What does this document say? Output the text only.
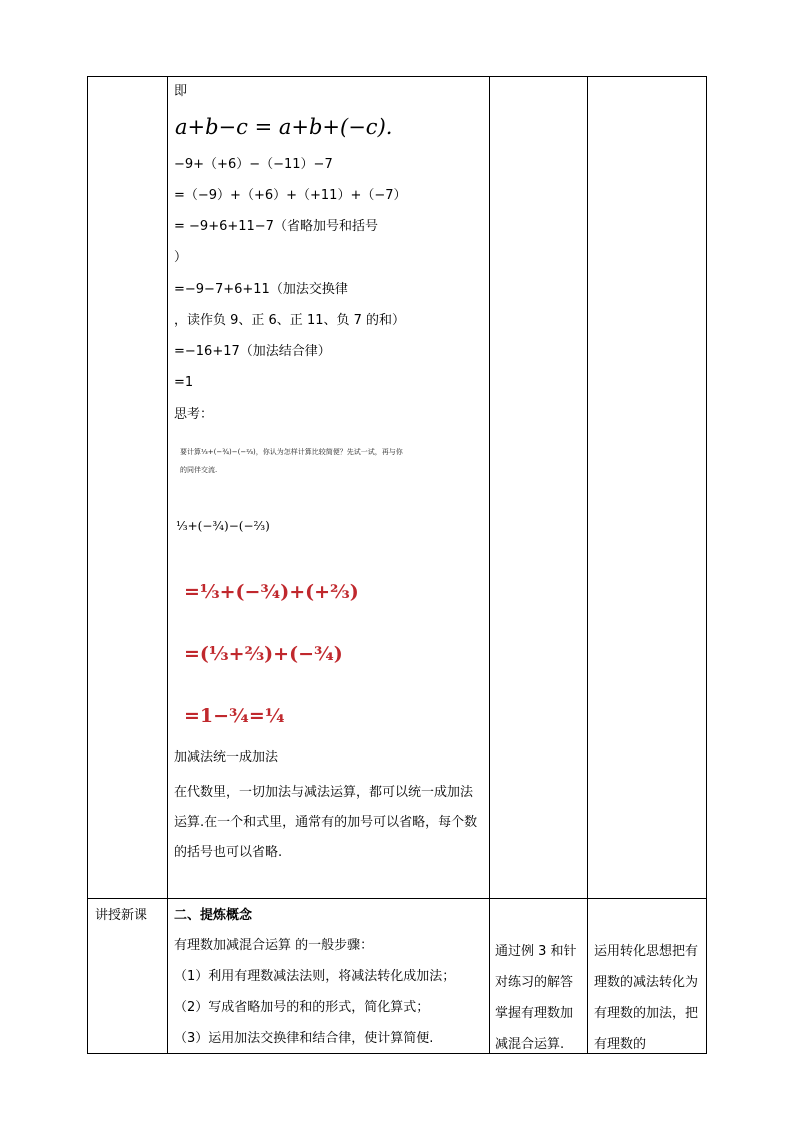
即
a+b−c = a+b+(−c).
−9+（+6）−（−11）−7
=（−9）+（+6）+（+11）+（−7）
= −9+6+11−7（省略加号和括号
）
=−9−7+6+11（加法交换律
，读作负 9、正 6、正 11、负 7 的和）
=−16+17（加法结合律）
=1
思考：
要计算⅓+(−¾)−(−⅔)，你认为怎样计算比较简便？先试一试，再与你
的同伴交流.
⅓+(−¾)−(−⅔)
=⅓+(−¾)+(+⅔)
=(⅓+⅔)+(−¾)
=1−¾=¼
加减法统一成加法
在代数里，一切加法与减法运算，都可以统一成加法运算.在一个和式里，通常有的加号可以省略，每个数的括号也可以省略.
讲授新课 二、提炼概念
有理数加减混合运算 的一般步骤：
（1）利用有理数减法法则，将减法转化成加法；
（2）写成省略加号的和的形式，简化算式；
（3）运用加法交换律和结合律，使计算简便.
通过例 3 和针对练习的解答掌握有理数加减混合运算.
运用转化思想把有理数的减法转化为有理数的加法，把有理数的
